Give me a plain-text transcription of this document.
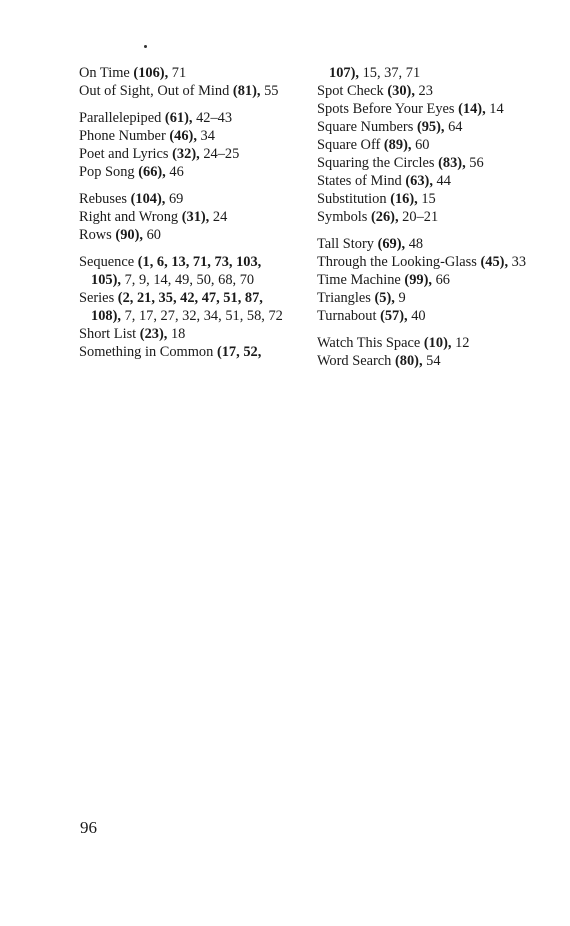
On Time (106), 71

Out of Sight, Out of Mind (81), 55

Parallelepiped (61), 42–43

Phone Number (46), 34

Poet and Lyrics (32), 24–25

Pop Song (66), 46

Rebuses (104), 69

Right and Wrong (31), 24

Rows (90), 60

Sequence (1, 6, 13, 71, 73, 103, 105), 7, 9, 14, 49, 50, 68, 70

Series (2, 21, 35, 42, 47, 51, 87, 108), 7, 17, 27, 32, 34, 51, 58, 72

Short List (23), 18

Something in Common (17, 52,

107), 15, 37, 71

Spot Check (30), 23

Spots Before Your Eyes (14), 14

Square Numbers (95), 64

Square Off (89), 60

Squaring the Circles (83), 56

States of Mind (63), 44

Substitution (16), 15

Symbols (26), 20–21

Tall Story (69), 48

Through the Looking-Glass (45), 33

Time Machine (99), 66

Triangles (5), 9

Turnabout (57), 40

Watch This Space (10), 12

Word Search (80), 54

96
